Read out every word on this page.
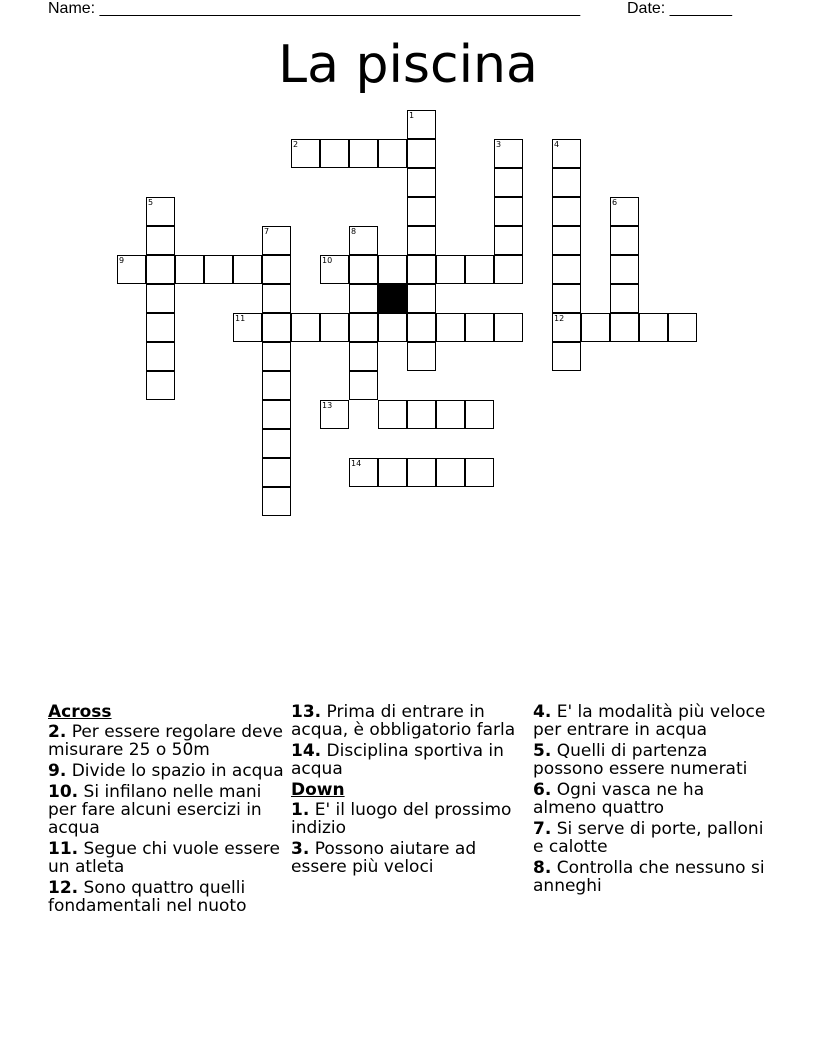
Name: ______________________________________________________	Date: _______
La piscina
1
2	3	4
12
5	6
7	8
9	10
11
13
14
Across
2. Per essere regolare deve misurare 25 o 50m
9. Divide lo spazio in acqua
10. Si infilano nelle mani per fare alcuni esercizi in acqua
11. Segue chi vuole essere un atleta
12. Sono quattro quelli fondamentali nel nuoto
13. Prima di entrare in acqua, è obbligatorio farla
14. Disciplina sportiva in acqua
Down
1. E' il luogo del prossimo indizio
3. Possono aiutare ad essere più veloci
4. E' la modalità più veloce per entrare in acqua
5. Quelli di partenza possono essere numerati
6. Ogni vasca ne ha almeno quattro
7. Si serve di porte, palloni e calotte
8. Controlla che nessuno si anneghi
